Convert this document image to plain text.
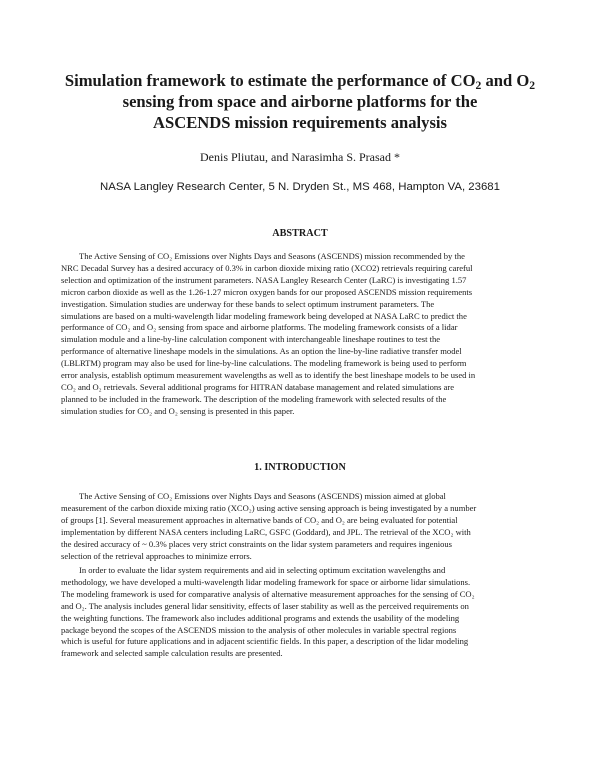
Simulation framework to estimate the performance of $CO_2$ and $O_2$
sensing from space and airborne platforms for the
ASCENDS mission requirements analysis

Denis Pliutau, and Narasimha S. Prasad *

NASA Langley Research Center, 5 N. Dryden St., MS 468, Hampton VA, 23681

ABSTRACT
The Active Sensing of CO₂ Emissions over Nights Days and Seasons (ASCENDS) mission recommended by the
NRC Decadal Survey has a desired accuracy of 0.3% in carbon dioxide mixing ratio (XCO2) retrievals requiring careful
selection and optimization of the instrument parameters. NASA Langley Research Center (LaRC) is investigating 1.57
micron carbon dioxide as well as the 1.26-1.27 micron oxygen bands for our proposed ASCENDS mission requirements
investigation. Simulation studies are underway for these bands to select optimum instrument parameters. The
simulations are based on a multi-wavelength lidar modeling framework being developed at NASA LaRC to predict the
performance of CO₂ and O₂ sensing from space and airborne platforms. The modeling framework consists of a lidar
simulation module and a line-by-line calculation component with interchangeable lineshape routines to test the
performance of alternative lineshape models in the simulations. As an option the line-by-line radiative transfer model
(LBLRTM) program may also be used for line-by-line calculations. The modeling framework is being used to perform
error analysis, establish optimum measurement wavelengths as well as to identify the best lineshape models to be used in
CO₂ and O₂ retrievals. Several additional programs for HITRAN database management and related simulations are
planned to be included in the framework. The description of the modeling framework with selected results of the
simulation studies for CO₂ and O₂ sensing is presented in this paper.
1. INTRODUCTION
The Active Sensing of CO₂ Emissions over Nights Days and Seasons (ASCENDS) mission aimed at global
measurement of the carbon dioxide mixing ratio (XCO₂) using active sensing approach is being investigated by a number
of groups [1]. Several measurement approaches in alternative bands of CO₂ and O₂ are being evaluated for potential
implementation by different NASA centers including LaRC, GSFC (Goddard), and JPL. The retrieval of the XCO₂ with
the desired accuracy of ~ 0.3% places very strict constraints on the lidar system parameters and requires ingenious
selection of the retrieval approaches to minimize errors.
In order to evaluate the lidar system requirements and aid in selecting optimum excitation wavelengths and
methodology, we have developed a multi-wavelength lidar modeling framework for space or airborne lidar simulations.
The modeling framework is used for comparative analysis of alternative measurement approaches for the sensing of CO₂
and O₂. The analysis includes general lidar sensitivity, effects of laser stability as well as the perceived requirements on
the weighting functions. The framework also includes additional programs and extends the usability of the modeling
package beyond the scopes of the ASCENDS mission to the analysis of other molecules in variable spectral regions
which is useful for future applications and in adjacent scientific fields. In this paper, a description of the lidar modeling
framework and selected sample calculation results are presented.
